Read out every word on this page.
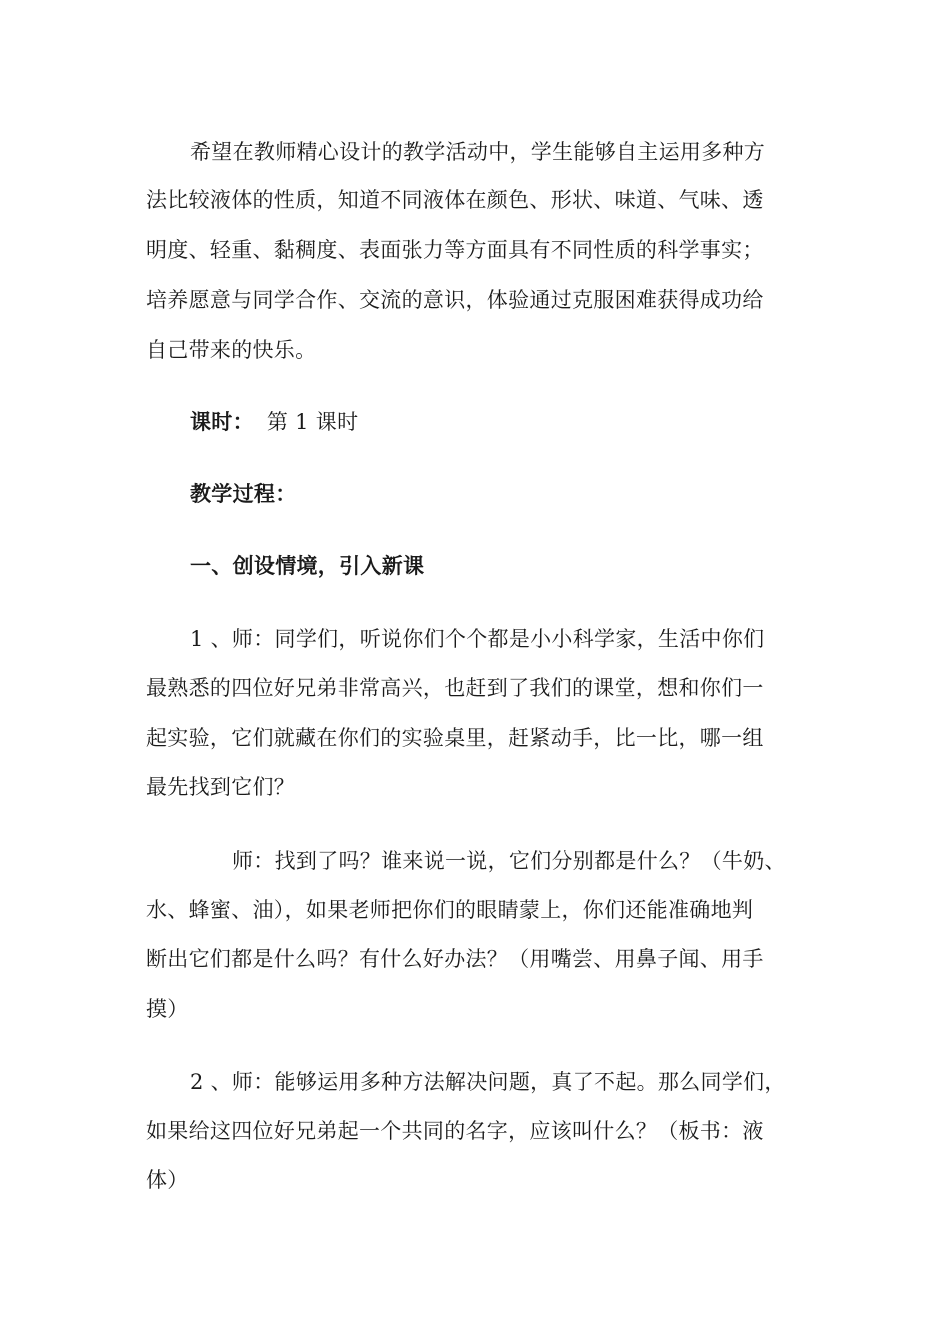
希望在教师精心设计的教学活动中，学生能够自主运用多种方
法比较液体的性质，知道不同液体在颜色、形状、味道、气味、透
明度、轻重、黏稠度、表面张力等方面具有不同性质的科学事实；
培养愿意与同学合作、交流的意识，体验通过克服困难获得成功给
自己带来的快乐。
课时： 第 1 课时
教学过程：
一、创设情境，引入新课
1 、师：同学们，听说你们个个都是小小科学家，生活中你们
最熟悉的四位好兄弟非常高兴，也赶到了我们的课堂，想和你们一
起实验，它们就藏在你们的实验桌里，赶紧动手，比一比，哪一组
最先找到它们？
师：找到了吗？谁来说一说，它们分别都是什么？（牛奶、
水、蜂蜜、油），如果老师把你们的眼睛蒙上，你们还能准确地判
断出它们都是什么吗？有什么好办法？（用嘴尝、用鼻子闻、用手
摸）
2 、师：能够运用多种方法解决问题，真了不起。那么同学们，
如果给这四位好兄弟起一个共同的名字，应该叫什么？（板书：液
体）
